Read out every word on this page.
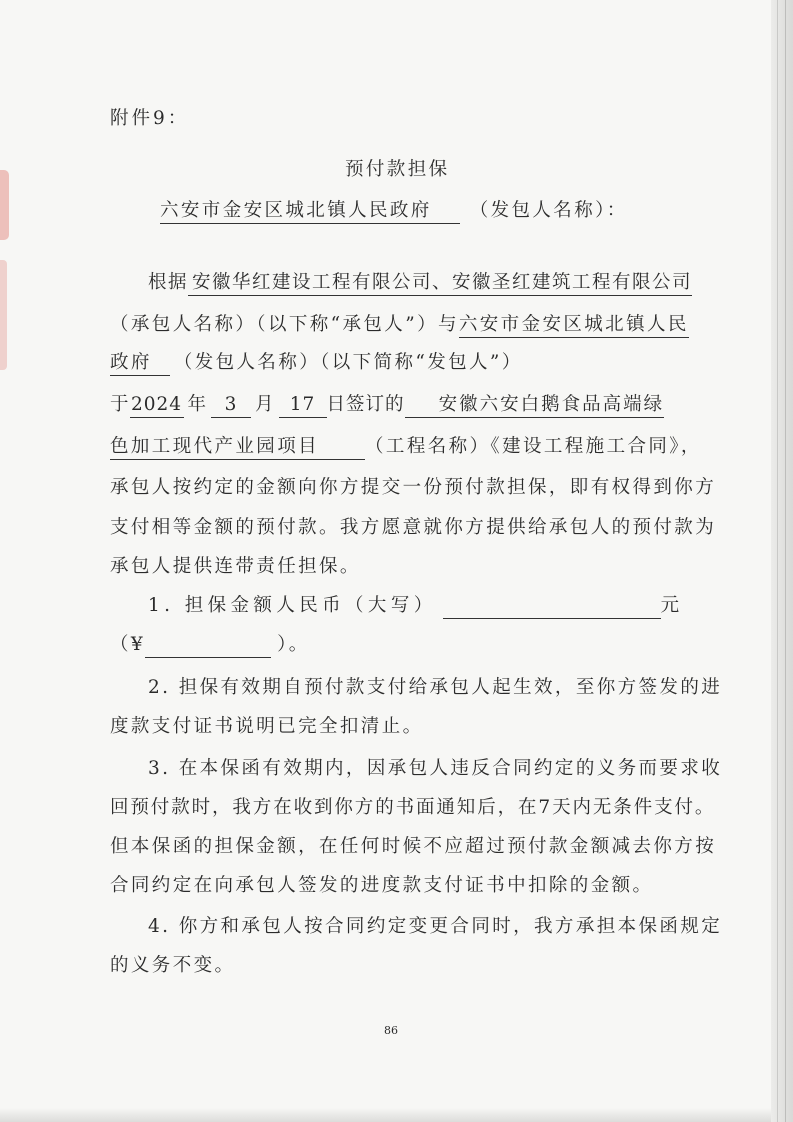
附件9：
预付款担保
六安市金安区城北镇人民政府 （发包人名称）：
根据 安徽华红建设工程有限公司、安徽圣红建筑工程有限公司
（承包人名称）（以下称“承包人”）与六安市金安区城北镇人民
政府 （发包人名称）（以下简称“发包人”）
于2024 年 3 月 17 日签订的 安徽六安白鹅食品高端绿
色加工现代产业园项目 （工程名称）《建设工程施工合同》，
承包人按约定的金额向你方提交一份预付款担保，即有权得到你方
支付相等金额的预付款。我方愿意就你方提供给承包人的预付款为
承包人提供连带责任担保。
1. 担保金额人民币（大写）	元
（¥	）。
2. 担保有效期自预付款支付给承包人起生效，至你方签发的进
度款支付证书说明已完全扣清止。
3. 在本保函有效期内，因承包人违反合同约定的义务而要求收
回预付款时，我方在收到你方的书面通知后，在7天内无条件支付。
但本保函的担保金额，在任何时候不应超过预付款金额减去你方按
合同约定在向承包人签发的进度款支付证书中扣除的金额。
4. 你方和承包人按合同约定变更合同时，我方承担本保函规定
的义务不变。
86
